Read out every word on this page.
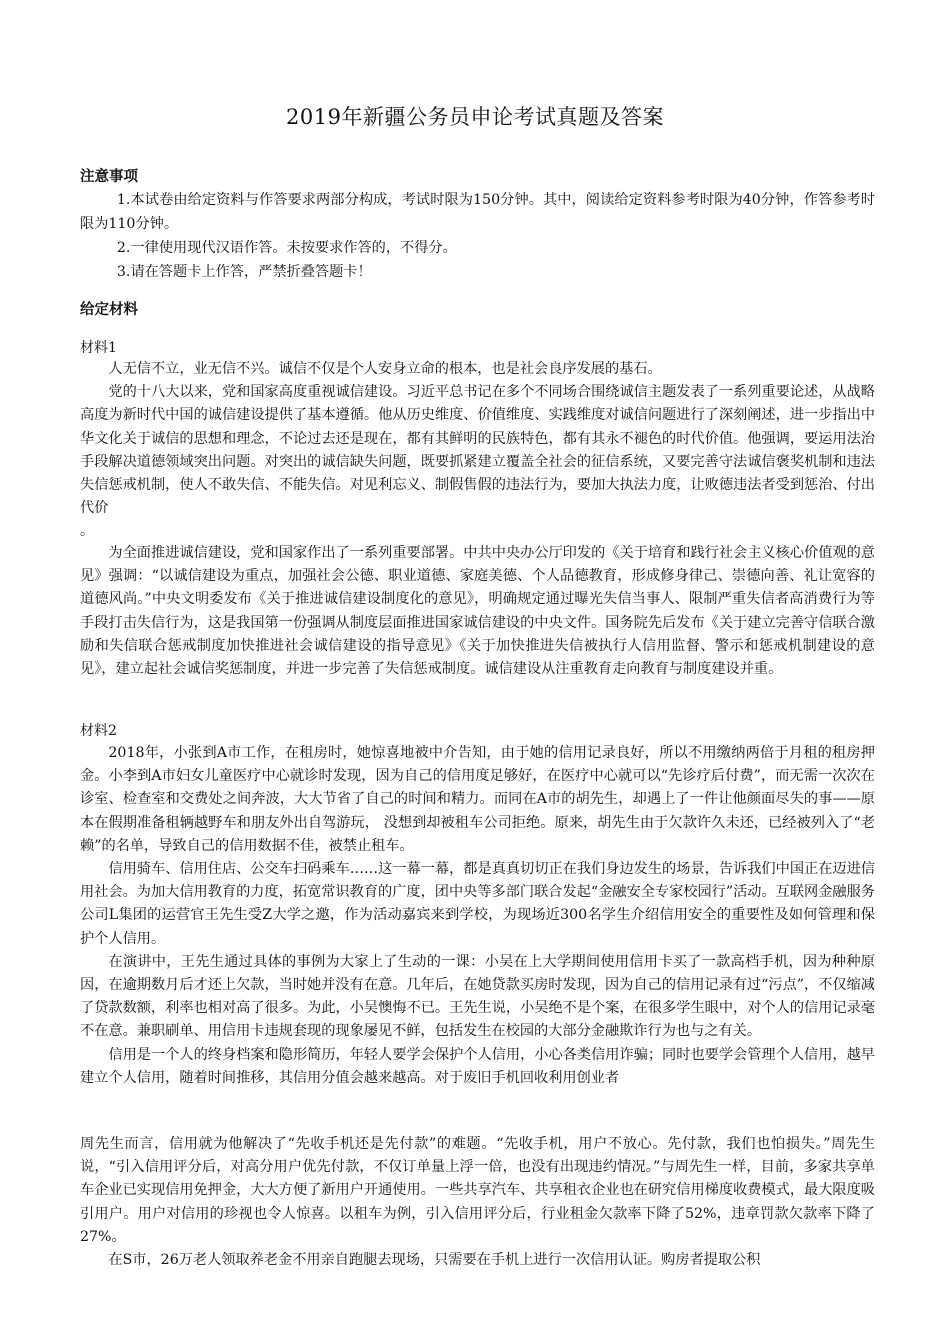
2019年新疆公务员申论考试真题及答案
注意事项

1.本试卷由给定资料与作答要求两部分构成，考试时限为150分钟。其中，阅读给定资料参考时限为40分钟，作答参考时限为110分钟。

2.一律使用现代汉语作答。未按要求作答的，不得分。

3.请在答题卡上作答，严禁折叠答题卡！

给定材料
材料1

人无信不立，业无信不兴。诚信不仅是个人安身立命的根本，也是社会良序发展的基石。

党的十八大以来，党和国家高度重视诚信建设。习近平总书记在多个不同场合围绕诚信主题发表了一系列重要论述，从战略高度为新时代中国的诚信建设提供了基本遵循。他从历史维度、价值维度、实践维度对诚信问题进行了深刻阐述，进一步指出中华文化关于诚信的思想和理念，不论过去还是现在，都有其鲜明的民族特色，都有其永不褪色的时代价值。他强调，要运用法治手段解决道德领域突出问题。对突出的诚信缺失问题，既要抓紧建立覆盖全社会的征信系统，又要完善守法诚信褒奖机制和违法失信惩戒机制，使人不敢失信、不能失信。对见利忘义、制假售假的违法行为，要加大执法力度，让败德违法者受到惩治、付出代价

。

为全面推进诚信建设，党和国家作出了一系列重要部署。中共中央办公厅印发的《关于培育和践行社会主义核心价值观的意见》强调：“以诚信建设为重点，加强社会公德、职业道德、家庭美德、个人品德教育，形成修身律己、崇德向善、礼让宽容的道德风尚。”中央文明委发布《关于推进诚信建设制度化的意见》，明确规定通过曝光失信当事人、限制严重失信者高消费行为等手段打击失信行为，这是我国第一份强调从制度层面推进国家诚信建设的中央文件。国务院先后发布《关于建立完善守信联合激励和失信联合惩戒制度加快推进社会诚信建设的指导意见》《关于加快推进失信被执行人信用监督、警示和惩戒机制建设的意见》，建立起社会诚信奖惩制度，并进一步完善了失信惩戒制度。诚信建设从注重教育走向教育与制度建设并重。

材料2

2018年，小张到A市工作，在租房时，她惊喜地被中介告知，由于她的信用记录良好，所以不用缴纳两倍于月租的租房押金。小李到A市妇女儿童医疗中心就诊时发现，因为自己的信用度足够好，在医疗中心就可以“先诊疗后付费”，而无需一次次在诊室、检查室和交费处之间奔波，大大节省了自己的时间和精力。而同在A市的胡先生，却遇上了一件让他颜面尽失的事——原本在假期准备租辆越野车和朋友外出自驾游玩， 没想到却被租车公司拒绝。原来，胡先生由于欠款许久未还，已经被列入了“老赖”的名单，导致自己的信用数据不佳，被禁止租车。

信用骑车、信用住店、公交车扫码乘车……这一幕一幕，都是真真切切正在我们身边发生的场景，告诉我们中国正在迈进信用社会。为加大信用教育的力度，拓宽常识教育的广度，团中央等多部门联合发起“金融安全专家校园行”活动。互联网金融服务公司L集团的运营官王先生受Z大学之邀，作为活动嘉宾来到学校，为现场近300名学生介绍信用安全的重要性及如何管理和保护个人信用。

在演讲中，王先生通过具体的事例为大家上了生动的一课：小吴在上大学期间使用信用卡买了一款高档手机，因为种种原因，在逾期数月后才还上欠款，当时她并没有在意。几年后，在她贷款买房时发现，因为自己的信用记录有过“污点”，不仅缩减了贷款数额，利率也相对高了很多。为此，小吴懊悔不已。王先生说，小吴绝不是个案，在很多学生眼中，对个人的信用记录毫不在意。兼职刷单、用信用卡违规套现的现象屡见不鲜，包括发生在校园的大部分金融欺诈行为也与之有关。

信用是一个人的终身档案和隐形简历，年轻人要学会保护个人信用，小心各类信用诈骗；同时也要学会管理个人信用，越早建立个人信用，随着时间推移，其信用分值会越来越高。对于废旧手机回收利用创业者

周先生而言，信用就为他解决了“先收手机还是先付款”的难题。“先收手机，用户不放心。先付款，我们也怕损失。”周先生说，“引入信用评分后，对高分用户优先付款，不仅订单量上浮一倍，也没有出现违约情况。”与周先生一样，目前，多家共享单车企业已实现信用免押金，大大方便了新用户开通使用。一些共享汽车、共享租衣企业也在研究信用梯度收费模式，最大限度吸引用户。用户对信用的珍视也令人惊喜。以租车为例，引入信用评分后，行业租金欠款率下降了52%，违章罚款欠款率下降了27%。

在S市，26万老人领取养老金不用亲自跑腿去现场，只需要在手机上进行一次信用认证。购房者提取公积
